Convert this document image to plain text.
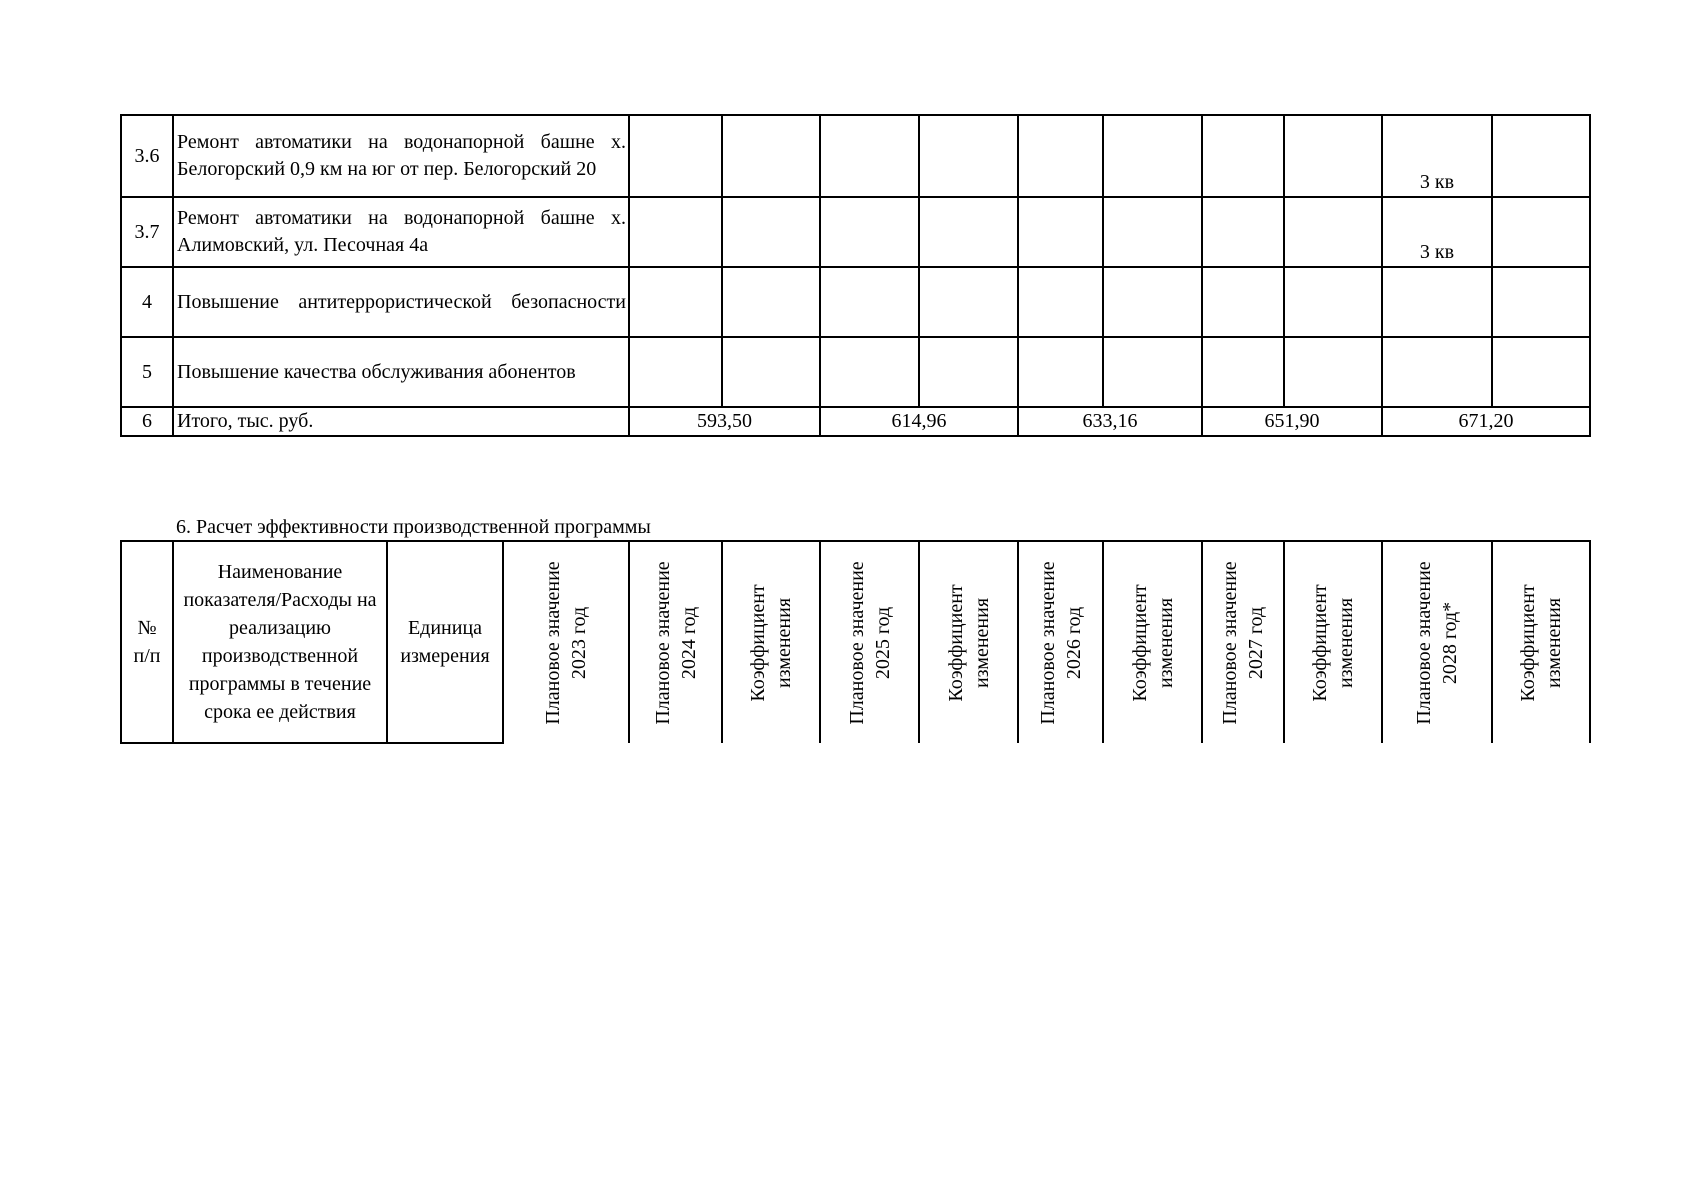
3.6	Ремонт автоматики на водонапорной башне х. Белогорский 0,9 км на юг от пер. Белогорский 20									3 кв	
3.7	Ремонт автоматики на водонапорной башне х. Алимовский, ул. Песочная 4а									3 кв	
4	Повышение антитеррористической безопасности										
5	Повышение качества обслуживания абонентов										
6	Итого, тыс. руб.	593,50		614,96		633,16		651,90		671,20	
6. Расчет эффективности производственной программы
№ п/п	Наименование показателя/Расходы на реализацию производственной программы в течение срока ее действия	Единица измерения	Плановое значение 2023 год	Плановое значение 2024 год	Коэффициент изменения	Плановое значение 2025 год	Коэффициент изменения	Плановое значение 2026 год	Коэффициент изменения	Плановое значение 2027 год	Коэффициент изменения	Плановое значение 2028 год*	Коэффициент изменения
